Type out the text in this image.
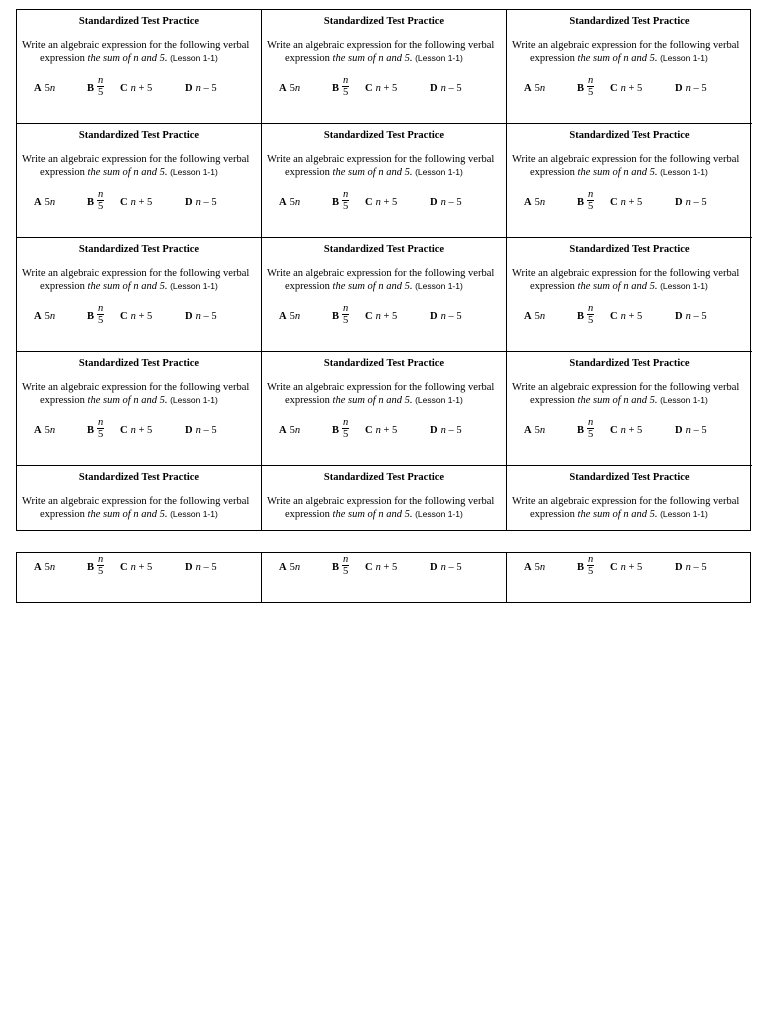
Standardized Test Practice
Write an algebraic expression for the following verbal
expression the sum of n and 5. (Lesson 1-1)
A 5n	B $\frac{n}{5}$ C n + 5	D n – 5
Standardized Test Practice
Write an algebraic expression for the following verbal
expression the sum of n and 5. (Lesson 1-1)
A 5n	B $\frac{n}{5}$ C n + 5	D n – 5
Standardized Test Practice
Write an algebraic expression for the following verbal
expression the sum of n and 5. (Lesson 1-1)
A 5n	B $\frac{n}{5}$ C n + 5	D n – 5
Standardized Test Practice
Write an algebraic expression for the following verbal
expression the sum of n and 5. (Lesson 1-1)
A 5n	B $\frac{n}{5}$ C n + 5	D n – 5
Standardized Test Practice
Write an algebraic expression for the following verbal
expression the sum of n and 5. (Lesson 1-1)
A 5n	B $\frac{n}{5}$ C n + 5	D n – 5
Standardized Test Practice
Write an algebraic expression for the following verbal
expression the sum of n and 5. (Lesson 1-1)
A 5n	B $\frac{n}{5}$ C n + 5	D n – 5
Standardized Test Practice
Write an algebraic expression for the following verbal
expression the sum of n and 5. (Lesson 1-1)
A 5n	B $\frac{n}{5}$ C n + 5	D n – 5
Standardized Test Practice
Write an algebraic expression for the following verbal
expression the sum of n and 5. (Lesson 1-1)
A 5n	B $\frac{n}{5}$ C n + 5	D n – 5
Standardized Test Practice
Write an algebraic expression for the following verbal
expression the sum of n and 5. (Lesson 1-1)
A 5n	B $\frac{n}{5}$ C n + 5	D n – 5
Standardized Test Practice
Write an algebraic expression for the following verbal
expression the sum of n and 5. (Lesson 1-1)
A 5n	B $\frac{n}{5}$ C n + 5	D n – 5
Standardized Test Practice
Write an algebraic expression for the following verbal
expression the sum of n and 5. (Lesson 1-1)
A 5n	B $\frac{n}{5}$ C n + 5	D n – 5
Standardized Test Practice
Write an algebraic expression for the following verbal
expression the sum of n and 5. (Lesson 1-1)
A 5n	B $\frac{n}{5}$ C n + 5	D n – 5
Standardized Test Practice
Write an algebraic expression for the following verbal
expression the sum of n and 5. (Lesson 1-1)
Standardized Test Practice
Write an algebraic expression for the following verbal
expression the sum of n and 5. (Lesson 1-1)
Standardized Test Practice
Write an algebraic expression for the following verbal
expression the sum of n and 5. (Lesson 1-1)
A 5n	B $\frac{n}{5}$ C n + 5	D n – 5	A 5n	B $\frac{n}{5}$ C n + 5	D n – 5	A 5n	B $\frac{n}{5}$ C n + 5	D n – 5
